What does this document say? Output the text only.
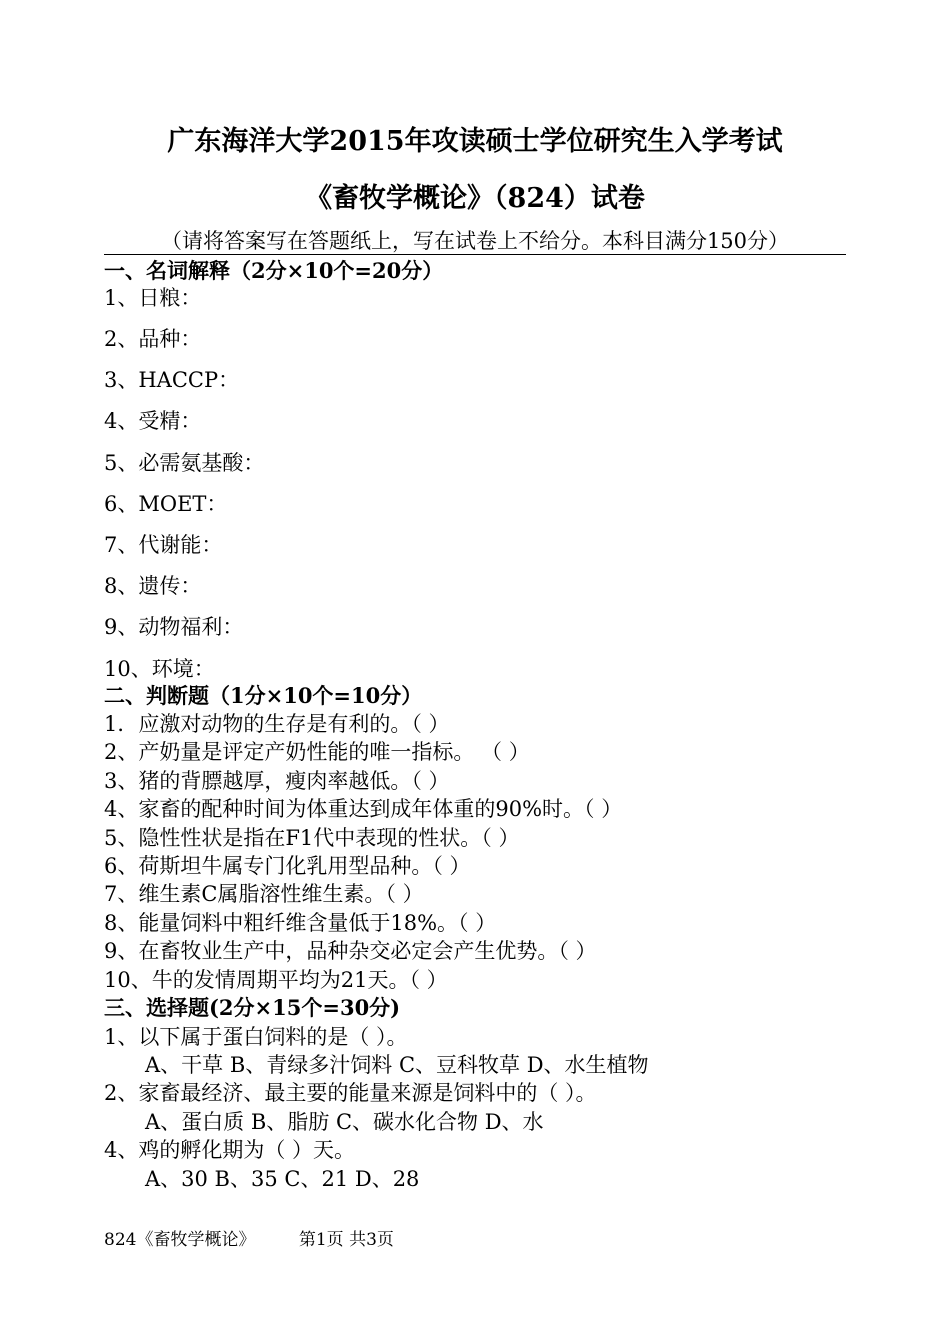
广东海洋大学2015年攻读硕士学位研究生入学考试
《畜牧学概论》（824）试卷
（请将答案写在答题纸上，写在试卷上不给分。本科目满分150分）
一、名词解释（2分×10个=20分）
1、日粮：
2、品种：
3、HACCP：
4、受精：
5、必需氨基酸：
6、MOET：
7、代谢能：
8、遗传：
9、动物福利：
10、环境：
二、判断题（1分×10个=10分）
1．应激对动物的生存是有利的。（ ）
2、产奶量是评定产奶性能的唯一指标。 （ ）
3、猪的背膘越厚，瘦肉率越低。（ ）
4、家畜的配种时间为体重达到成年体重的90%时。（ ）
5、隐性性状是指在F1代中表现的性状。（ ）
6、荷斯坦牛属专门化乳用型品种。（ ）
7、维生素C属脂溶性维生素。（ ）
8、能量饲料中粗纤维含量低于18%。（ ）
9、在畜牧业生产中，品种杂交必定会产生优势。（ ）
10、牛的发情周期平均为21天。（ ）
三、选择题(2分×15个=30分)
1、以下属于蛋白饲料的是（ ）。
A、干草 B、青绿多汁饲料 C、豆科牧草 D、水生植物
2、家畜最经济、最主要的能量来源是饲料中的（ ）。
A、蛋白质 B、脂肪 C、碳水化合物 D、水
4、鸡的孵化期为（ ）天。
A、30 B、35 C、21 D、28
824《畜牧学概论》	第1页 共3页
